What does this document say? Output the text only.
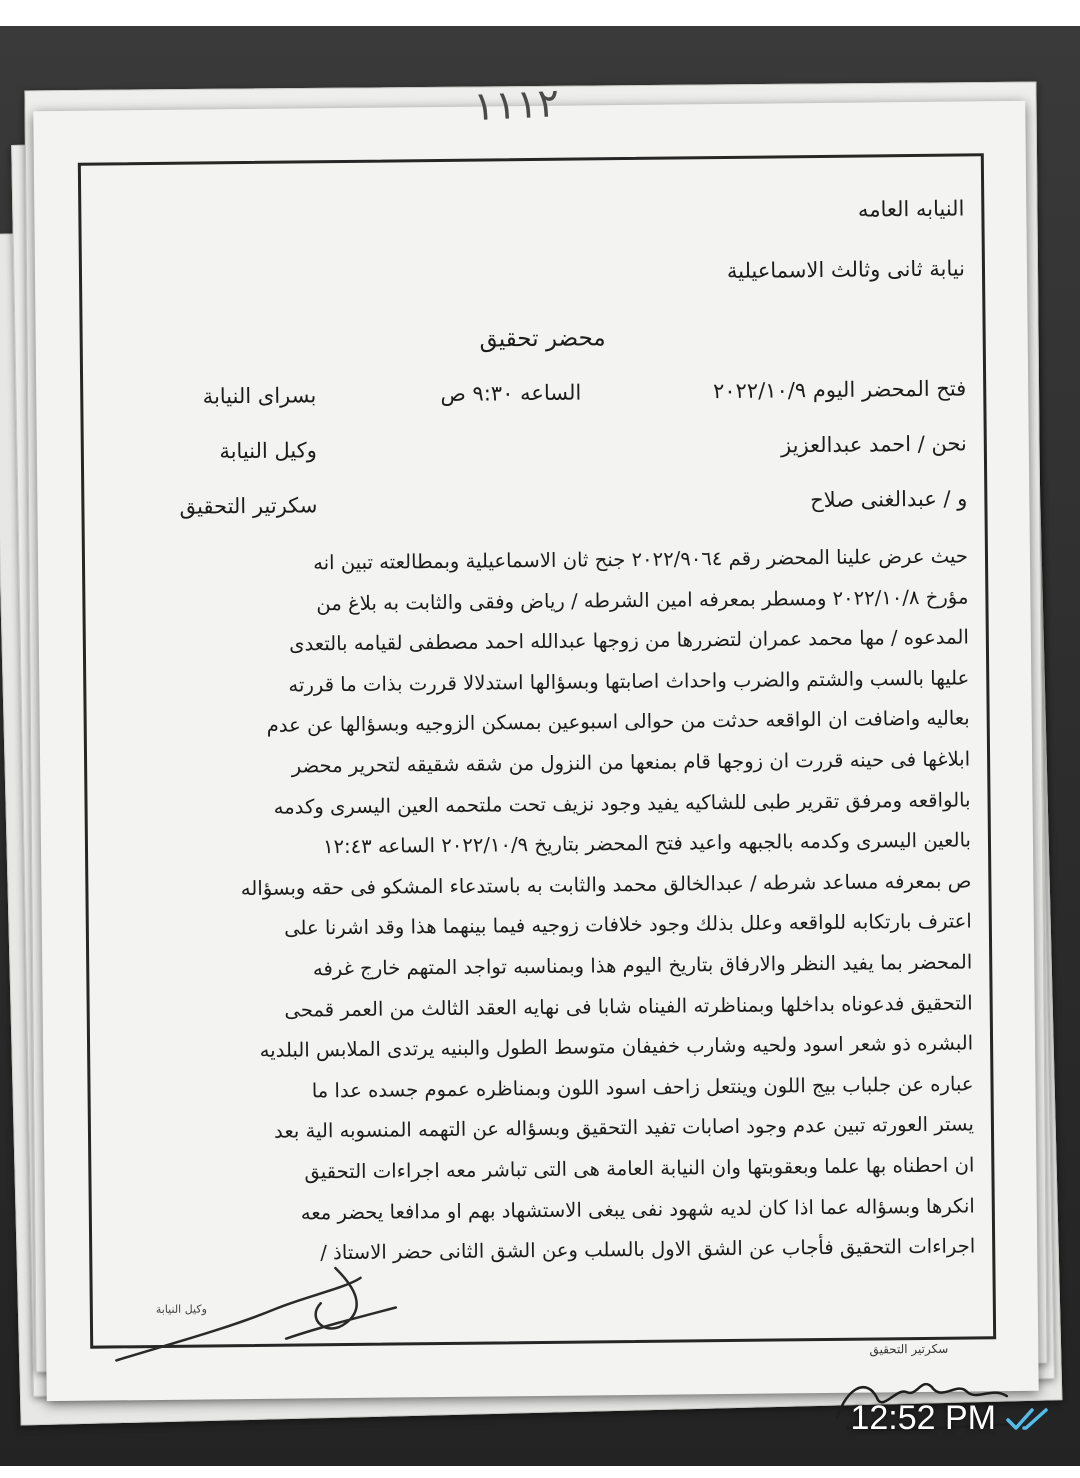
١١١٢
النيابه العامه
نيابة ثانى وثالث الاسماعيلية
محضر تحقيق
فتح المحضر اليوم ٢٠٢٢/١٠/٩
الساعه ٩:٣٠ ص
بسراى النيابة
نحن / احمد عبدالعزيز
وكيل النيابة
و / عبدالغنى صلاح
سكرتير التحقيق
حيث عرض علينا المحضر رقم ٢٠٢٢/٩٠٦٤ جنح ثان الاسماعيلية وبمطالعته تبين انه
مؤرخ ٢٠٢٢/١٠/٨ ومسطر بمعرفه امين الشرطه / رياض وفقى والثابت به بلاغ من
المدعوه / مها محمد عمران لتضررها من زوجها عبدالله احمد مصطفى لقيامه بالتعدى
عليها بالسب والشتم والضرب واحداث اصابتها وبسؤالها استدلالا قررت بذات ما قررته
بعاليه واضافت ان الواقعه حدثت من حوالى اسبوعين بمسكن الزوجيه وبسؤالها عن عدم
ابلاغها فى حينه قررت ان زوجها قام بمنعها من النزول من شقه شقيقه لتحرير محضر
بالواقعه ومرفق تقرير طبى للشاكيه يفيد وجود نزيف تحت ملتحمه العين اليسرى وكدمه
بالعين اليسرى وكدمه بالجبهه واعيد فتح المحضر بتاريخ ٢٠٢٢/١٠/٩ الساعه ١٢:٤٣
ص بمعرفه مساعد شرطه / عبدالخالق محمد والثابت به باستدعاء المشكو فى حقه وبسؤاله
اعترف بارتكابه للواقعه وعلل بذلك وجود خلافات زوجيه فيما بينهما هذا وقد اشرنا على
المحضر بما يفيد النظر والارفاق بتاريخ اليوم هذا وبمناسبه تواجد المتهم خارج غرفه
التحقيق فدعوناه بداخلها وبمناظرته الفيناه شابا فى نهايه العقد الثالث من العمر قمحى
البشره ذو شعر اسود ولحيه وشارب خفيفان متوسط الطول والبنيه يرتدى الملابس البلديه
عباره عن جلباب بيج اللون وينتعل زاحف اسود اللون وبمناظره عموم جسده عدا ما
يستر العورته تبين عدم وجود اصابات تفيد التحقيق وبسؤاله عن التهمه المنسوبه الية بعد
ان احطناه بها علما وبعقوبتها وان النيابة العامة هى التى تباشر معه اجراءات التحقيق
انكرها وبسؤاله عما اذا كان لديه شهود نفى يبغى الاستشهاد بهم او مدافعا يحضر معه
اجراءات التحقيق فأجاب عن الشق الاول بالسلب وعن الشق الثانى حضر الاستاذ /
وكيل النيابة
سكرتير التحقيق
12:52 PM
